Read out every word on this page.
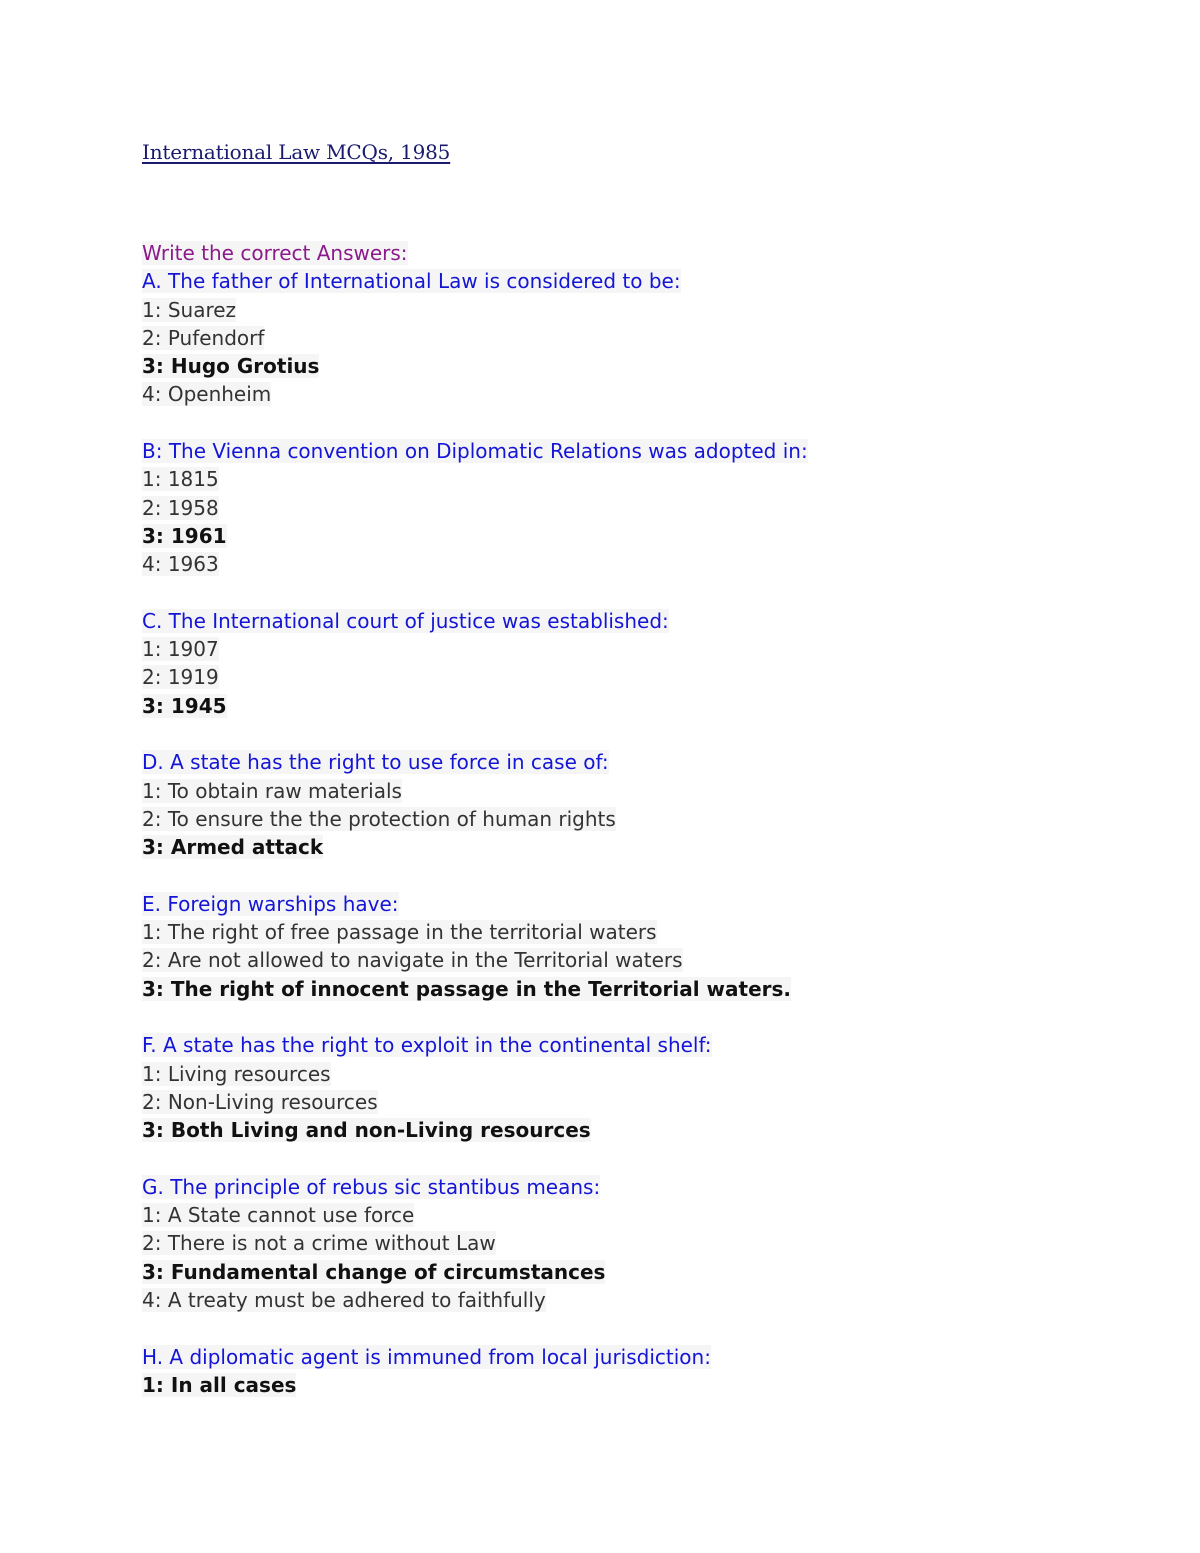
International Law MCQs, 1985
Write the correct Answers:
A. The father of International Law is considered to be:
1: Suarez
2: Pufendorf
3: Hugo Grotius
4: Openheim
B: The Vienna convention on Diplomatic Relations was adopted in:
1: 1815
2: 1958
3: 1961
4: 1963
C. The International court of justice was established:
1: 1907
2: 1919
3: 1945
D. A state has the right to use force in case of:
1: To obtain raw materials
2: To ensure the the protection of human rights
3: Armed attack
E. Foreign warships have:
1: The right of free passage in the territorial waters
2: Are not allowed to navigate in the Territorial waters
3: The right of innocent passage in the Territorial waters.
F. A state has the right to exploit in the continental shelf:
1: Living resources
2: Non-Living resources
3: Both Living and non-Living resources
G. The principle of rebus sic stantibus means:
1: A State cannot use force
2: There is not a crime without Law
3: Fundamental change of circumstances
4: A treaty must be adhered to faithfully
H. A diplomatic agent is immuned from local jurisdiction:
1: In all cases
